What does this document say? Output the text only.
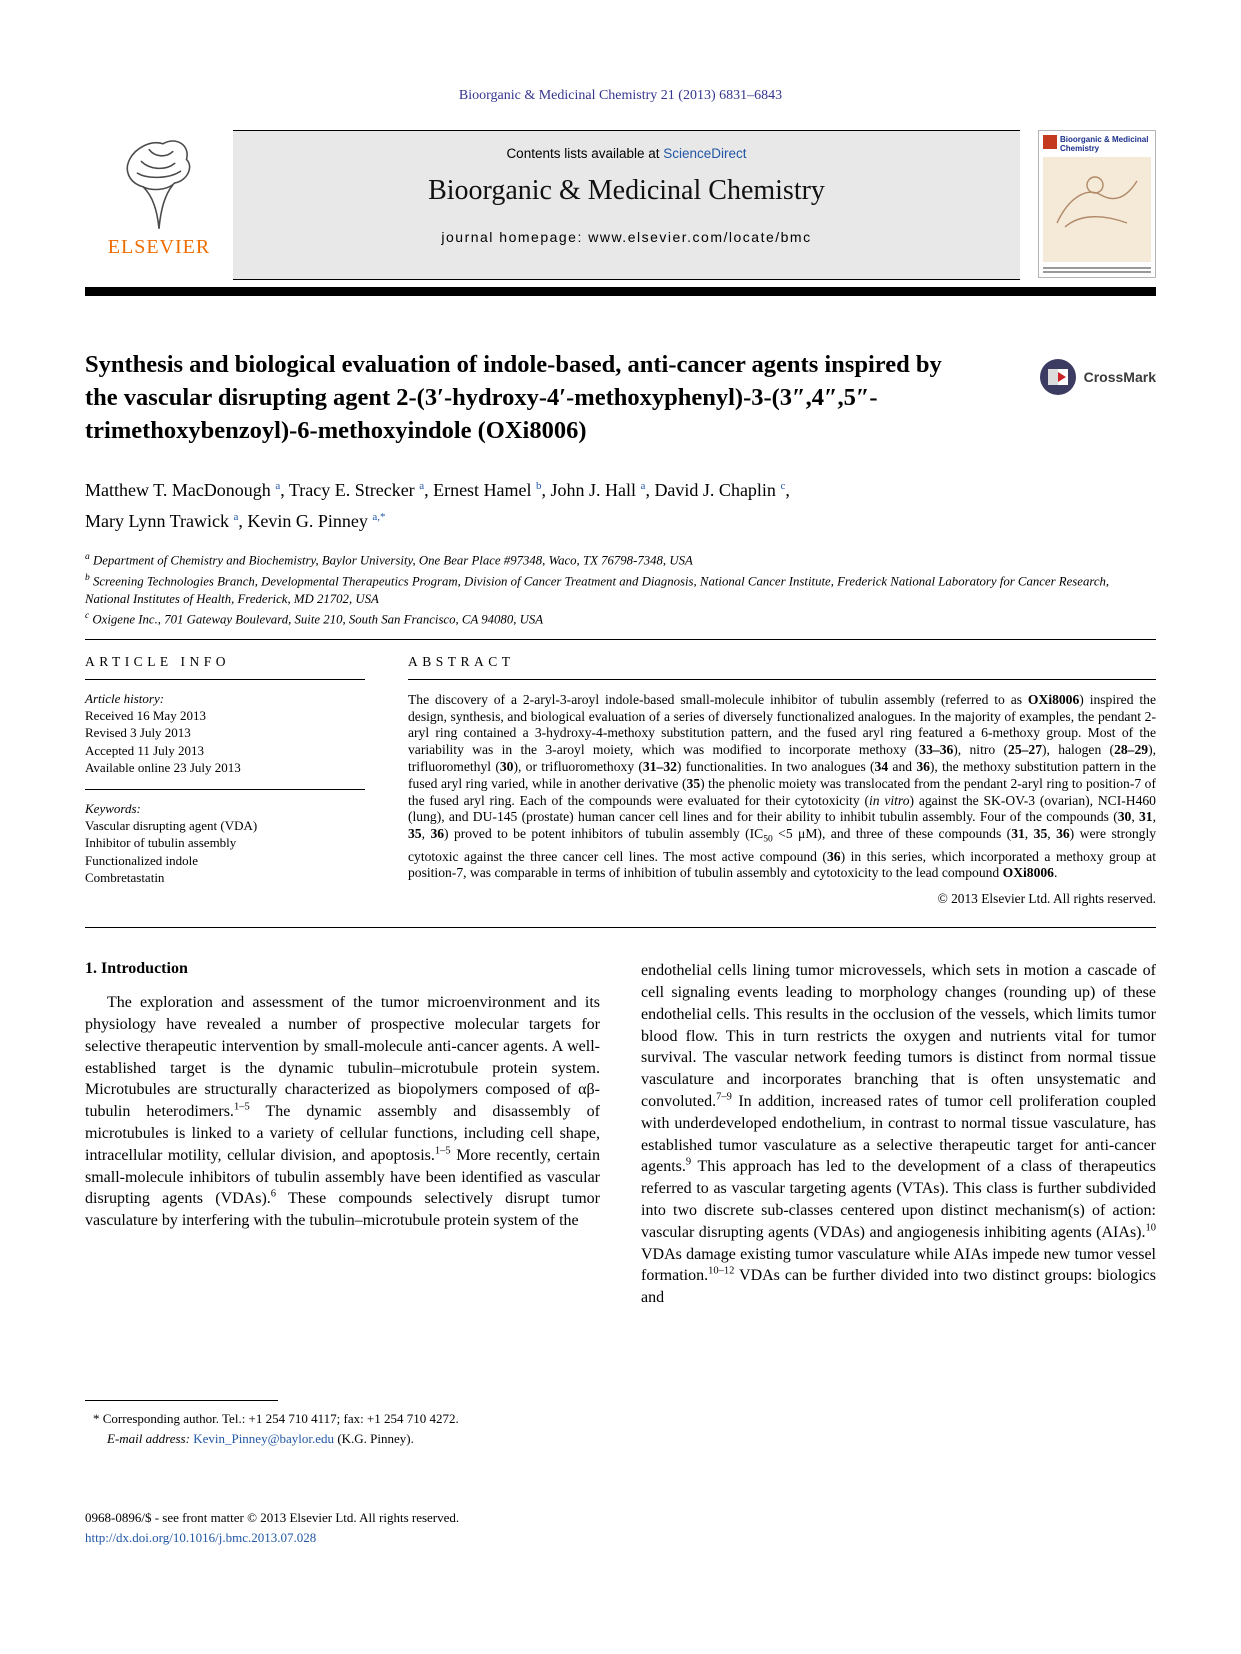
Bioorganic & Medicinal Chemistry 21 (2013) 6831–6843
ELSEVIER
Contents lists available at ScienceDirect
Bioorganic & Medicinal Chemistry
journal homepage: www.elsevier.com/locate/bmc
Bioorganic & Medicinal Chemistry
Synthesis and biological evaluation of indole-based, anti-cancer agents inspired by the vascular disrupting agent 2-(3′-hydroxy-4′-methoxyphenyl)-3-(3″,4″,5″-trimethoxybenzoyl)-6-methoxyindole (OXi8006)
CrossMark
Matthew T. MacDonough $^a$, Tracy E. Strecker $^a$, Ernest Hamel $^b$, John J. Hall $^a$, David J. Chaplin $^c$,
Mary Lynn Trawick $^a$, Kevin G. Pinney $^{a,*}$
$^a$ Department of Chemistry and Biochemistry, Baylor University, One Bear Place #97348, Waco, TX 76798-7348, USA
$^b$ Screening Technologies Branch, Developmental Therapeutics Program, Division of Cancer Treatment and Diagnosis, National Cancer Institute, Frederick National Laboratory for Cancer Research, National Institutes of Health, Frederick, MD 21702, USA
$^c$ Oxigene Inc., 701 Gateway Boulevard, Suite 210, South San Francisco, CA 94080, USA
ARTICLE INFO
Article history:
Received 16 May 2013
Revised 3 July 2013
Accepted 11 July 2013
Available online 23 July 2013
Keywords:
Vascular disrupting agent (VDA)
Inhibitor of tubulin assembly
Functionalized indole
Combretastatin
ABSTRACT

The discovery of a 2-aryl-3-aroyl indole-based small-molecule inhibitor of tubulin assembly (referred to as OXi8006) inspired the design, synthesis, and biological evaluation of a series of diversely functionalized analogues. In the majority of examples, the pendant 2-aryl ring contained a 3-hydroxy-4-methoxy substitution pattern, and the fused aryl ring featured a 6-methoxy group. Most of the variability was in the 3-aroyl moiety, which was modified to incorporate methoxy (33–36), nitro (25–27), halogen (28–29), trifluoromethyl (30), or trifluoromethoxy (31–32) functionalities. In two analogues (34 and 36), the methoxy substitution pattern in the fused aryl ring varied, while in another derivative (35) the phenolic moiety was translocated from the pendant 2-aryl ring to position-7 of the fused aryl ring. Each of the compounds were evaluated for their cytotoxicity (in vitro) against the SK-OV-3 (ovarian), NCI-H460 (lung), and DU-145 (prostate) human cancer cell lines and for their ability to inhibit tubulin assembly. Four of the compounds (30, 31, 35, 36) proved to be potent inhibitors of tubulin assembly ($IC_{50} <5$ μM), and three of these compounds (31, 35, 36) were strongly cytotoxic against the three cancer cell lines. The most active compound (36) in this series, which incorporated a methoxy group at position-7, was comparable in terms of inhibition of tubulin assembly and cytotoxicity to the lead compound OXi8006.

© 2013 Elsevier Ltd. All rights reserved.
1. Introduction

The exploration and assessment of the tumor microenvironment and its physiology have revealed a number of prospective molecular targets for selective therapeutic intervention by small-molecule anti-cancer agents. A well-established target is the dynamic tubulin–microtubule protein system. Microtubules are structurally characterized as biopolymers composed of αβ-tubulin heterodimers.$^{1-5}$ The dynamic assembly and disassembly of microtubules is linked to a variety of cellular functions, including cell shape, intracellular motility, cellular division, and apoptosis.$^{1-5}$ More recently, certain small-molecule inhibitors of tubulin assembly have been identified as vascular disrupting agents (VDAs).$^6$ These compounds selectively disrupt tumor vasculature by interfering with the tubulin–microtubule protein system of the

endothelial cells lining tumor microvessels, which sets in motion a cascade of cell signaling events leading to morphology changes (rounding up) of these endothelial cells. This results in the occlusion of the vessels, which limits tumor blood flow. This in turn restricts the oxygen and nutrients vital for tumor survival. The vascular network feeding tumors is distinct from normal tissue vasculature and incorporates branching that is often unsystematic and convoluted.$^{7-9}$ In addition, increased rates of tumor cell proliferation coupled with underdeveloped endothelium, in contrast to normal tissue vasculature, has established tumor vasculature as a selective therapeutic target for anti-cancer agents.$^9$ This approach has led to the development of a class of therapeutics referred to as vascular targeting agents (VTAs). This class is further subdivided into two discrete sub-classes centered upon distinct mechanism(s) of action: vascular disrupting agents (VDAs) and angiogenesis inhibiting agents (AIAs).$^{10}$ VDAs damage existing tumor vasculature while AIAs impede new tumor vessel formation.$^{10-12}$ VDAs can be further divided into two distinct groups: biologics and

* Corresponding author. Tel.: +1 254 710 4117; fax: +1 254 710 4272.
E-mail address: Kevin_Pinney@baylor.edu (K.G. Pinney).
0968-0896/$ - see front matter © 2013 Elsevier Ltd. All rights reserved.
http://dx.doi.org/10.1016/j.bmc.2013.07.028
